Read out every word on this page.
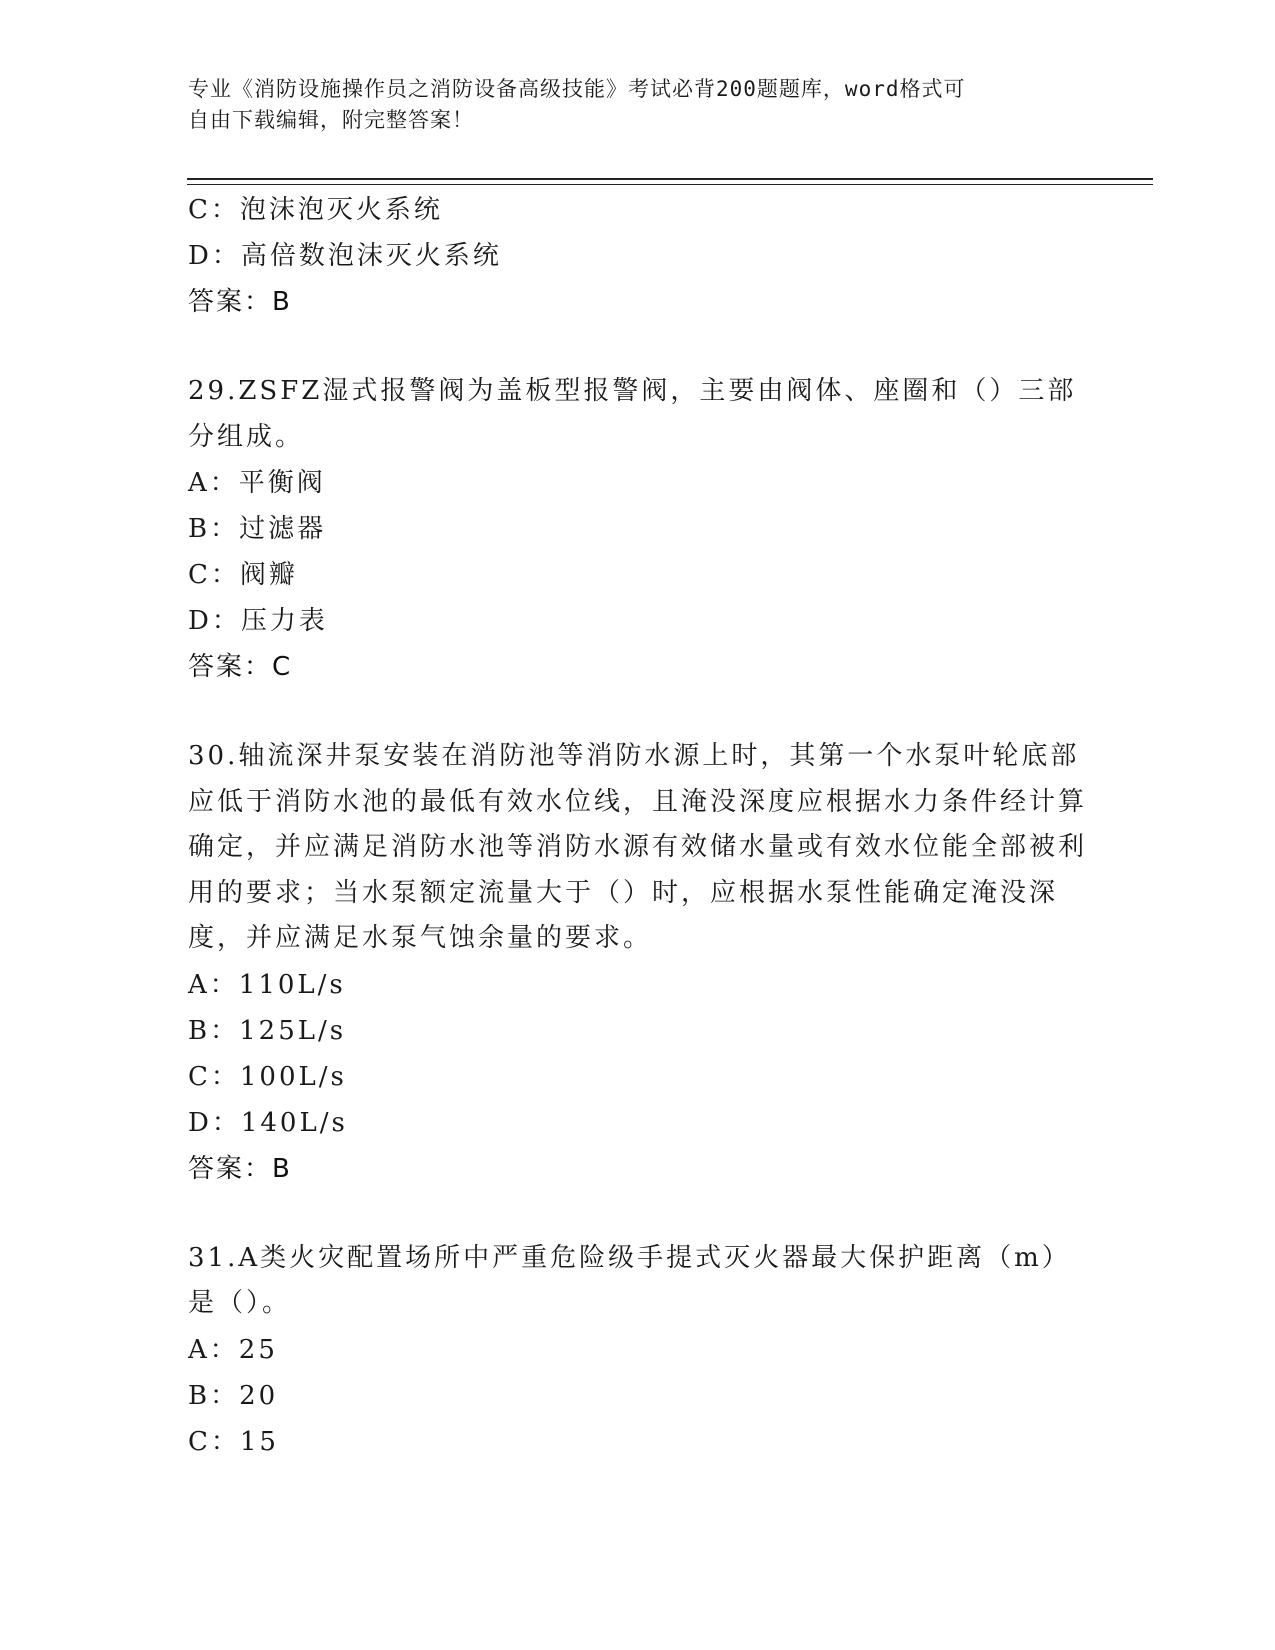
专业《消防设施操作员之消防设备高级技能》考试必背200题题库，word格式可
自由下载编辑，附完整答案！
C：泡沫泡灭火系统
D：高倍数泡沫灭火系统
答案：B
29.ZSFZ湿式报警阀为盖板型报警阀，主要由阀体、座圈和（）三部分组成。
A：平衡阀
B：过滤器
C：阀瓣
D：压力表
答案：C
30.轴流深井泵安装在消防池等消防水源上时，其第一个水泵叶轮底部应低于消防水池的最低有效水位线，且淹没深度应根据水力条件经计算确定，并应满足消防水池等消防水源有效储水量或有效水位能全部被利用的要求；当水泵额定流量大于（）时，应根据水泵性能确定淹没深度，并应满足水泵气蚀余量的要求。
A：110L/s
B：125L/s
C：100L/s
D：140L/s
答案：B
31.A类火灾配置场所中严重危险级手提式灭火器最大保护距离（m）是（）。
A：25
B：20
C：15
